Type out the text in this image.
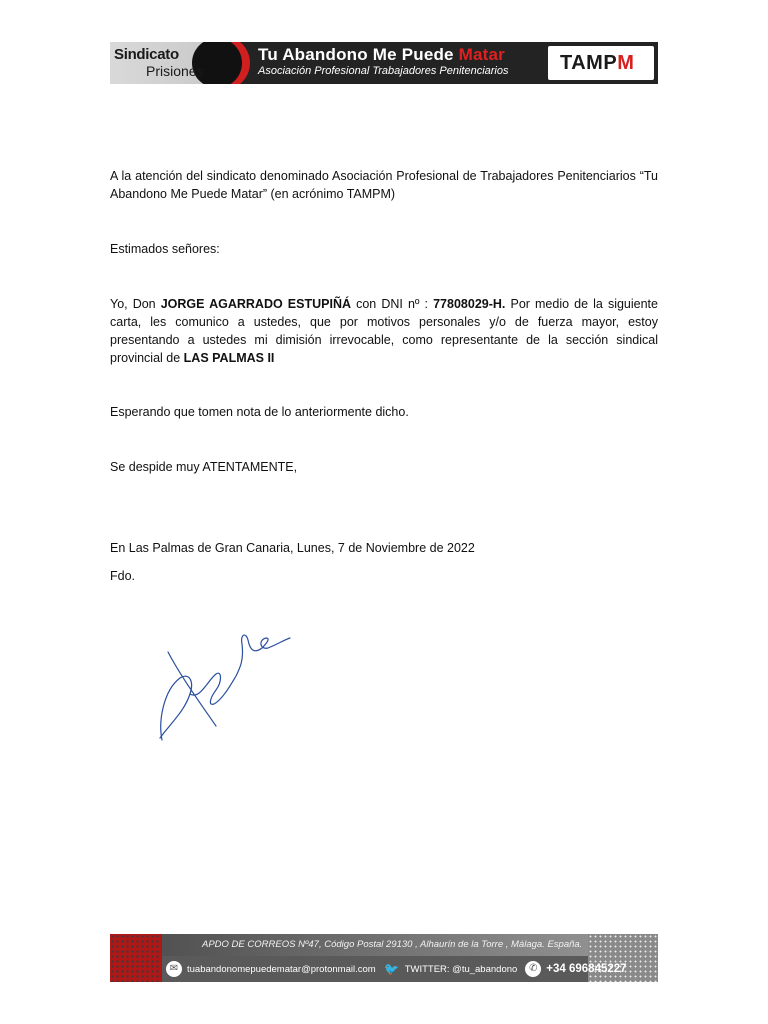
Sindicato
Prisiones
Tu Abandono Me Puede Matar
Asociación Profesional Trabajadores Penitenciarios	TAMPM
A la atención del sindicato denominado Asociación Profesional de Trabajadores Penitenciarios “Tu Abandono Me Puede Matar” (en acrónimo TAMPM)
Estimados señores:
Yo, Don JORGE AGARRADO ESTUPIÑÁ con DNI nº : 77808029-H. Por medio de la siguiente carta, les comunico a ustedes, que por motivos personales y/o de fuerza mayor, estoy presentando a ustedes mi dimisión irrevocable, como representante de la sección sindical provincial de LAS PALMAS II
Esperando que tomen nota de lo anteriormente dicho.
Se despide muy ATENTAMENTE,
En Las Palmas de Gran Canaria, Lunes, 7 de Noviembre de 2022
Fdo.
APDO DE CORREOS Nº47, Código Postal 29130 , Alhaurín de la Torre , Málaga. España.
✉ tuabandonomepuedematar@protonmail.com 🐦 TWITTER: @tu_abandono	✆ +34 696845227
